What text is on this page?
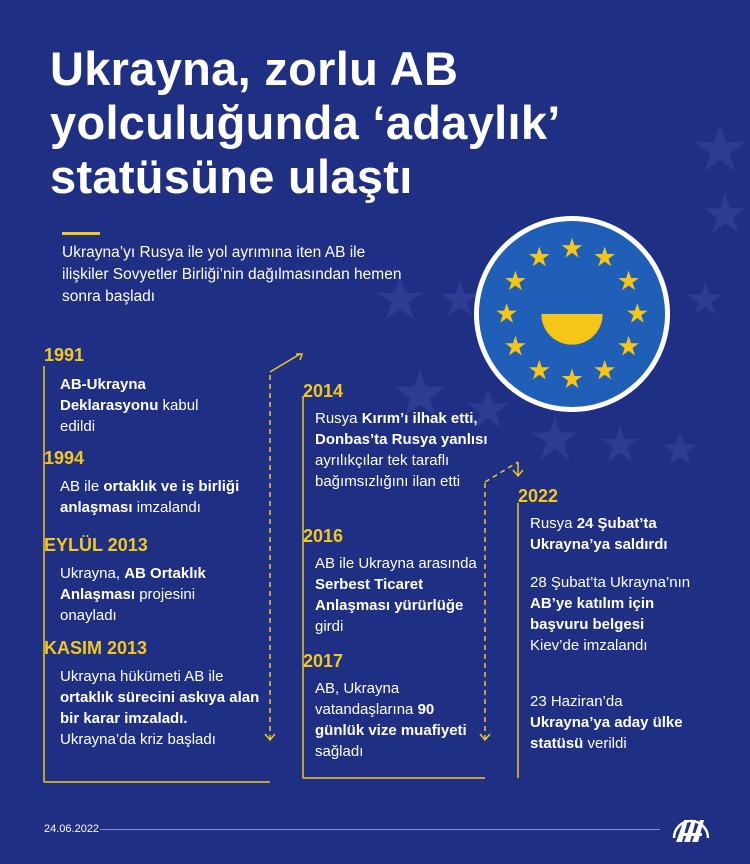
Ukrayna, zorlu AB yolculuğunda ‘adaylık’ statüsüne ulaştı
Ukrayna’yı Rusya ile yol ayrımına iten AB ile ilişkiler Sovyetler Birliği’nin dağılmasından hemen sonra başladı
1991
AB-Ukrayna Deklarasyonu kabul edildi
1994
AB ile ortaklık ve iş birliği anlaşması imzalandı
EYLÜL 2013
Ukrayna, AB Ortaklık Anlaşması projesini onayladı
KASIM 2013
Ukrayna hükümeti AB ile ortaklık sürecini askıya alan bir karar imzaladı. Ukrayna’da kriz başladı
2014
Rusya Kırım’ı ilhak etti, Donbas’ta Rusya yanlısı ayrılıkçılar tek taraflı bağımsızlığını ilan etti
2016
AB ile Ukrayna arasında Serbest Ticaret Anlaşması yürürlüğe girdi
2017
AB, Ukrayna vatandaşlarına 90 günlük vize muafiyeti sağladı
2022
Rusya 24 Şubat’ta Ukrayna’ya saldırdı
28 Şubat’ta Ukrayna’nın AB’ye katılım için başvuru belgesi Kiev’de imzalandı
23 Haziran’da Ukrayna’ya aday ülke statüsü verildi
24.06.2022
